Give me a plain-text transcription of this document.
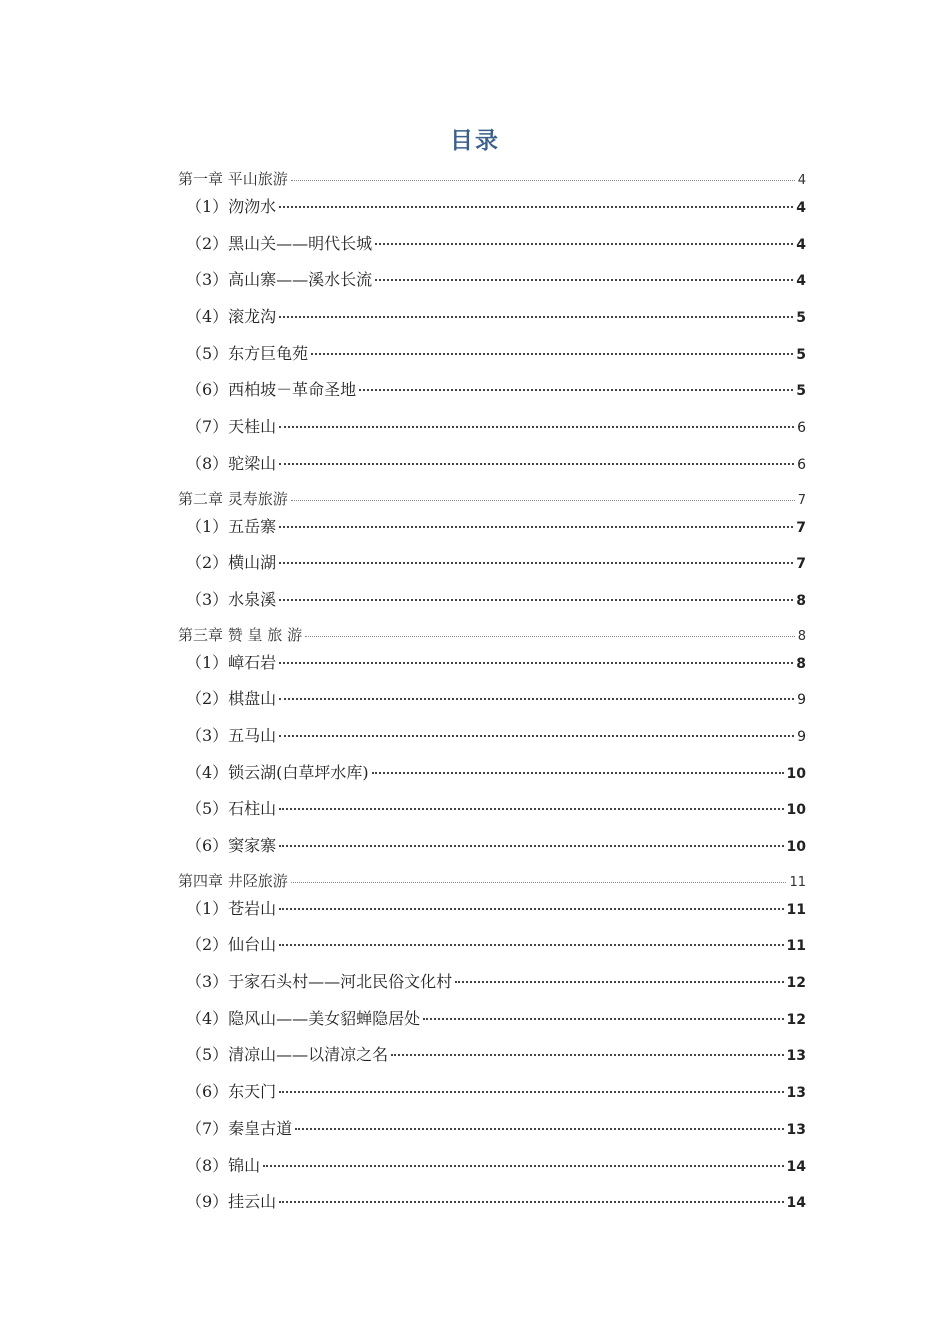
目录
第一章 平山旅游	4
（1）沕沕水	4
（2）黑山关——明代长城	4
（3）高山寨——溪水长流	4
（4）滚龙沟	5
（5）东方巨龟苑	5
（6）西柏坡－革命圣地	5
（7）天桂山	6
（8）驼梁山	6
第二章 灵寿旅游	7
（1）五岳寨	7
（2）横山湖	7
（3）水泉溪	8
第三章 赞 皇 旅 游	8
（1）嶂石岩	8
（2）棋盘山	9
（3）五马山	9
（4）锁云湖(白草坪水库)	10
（5）石柱山	10
（6）窦家寨	10
第四章 井陉旅游	11
（1）苍岩山	11
（2）仙台山	11
（3）于家石头村——河北民俗文化村	12
（4）隐风山——美女貂蝉隐居处	12
（5）清凉山——以清凉之名	13
（6）东天门	13
（7）秦皇古道	13
（8）锦山	14
（9）挂云山	14
